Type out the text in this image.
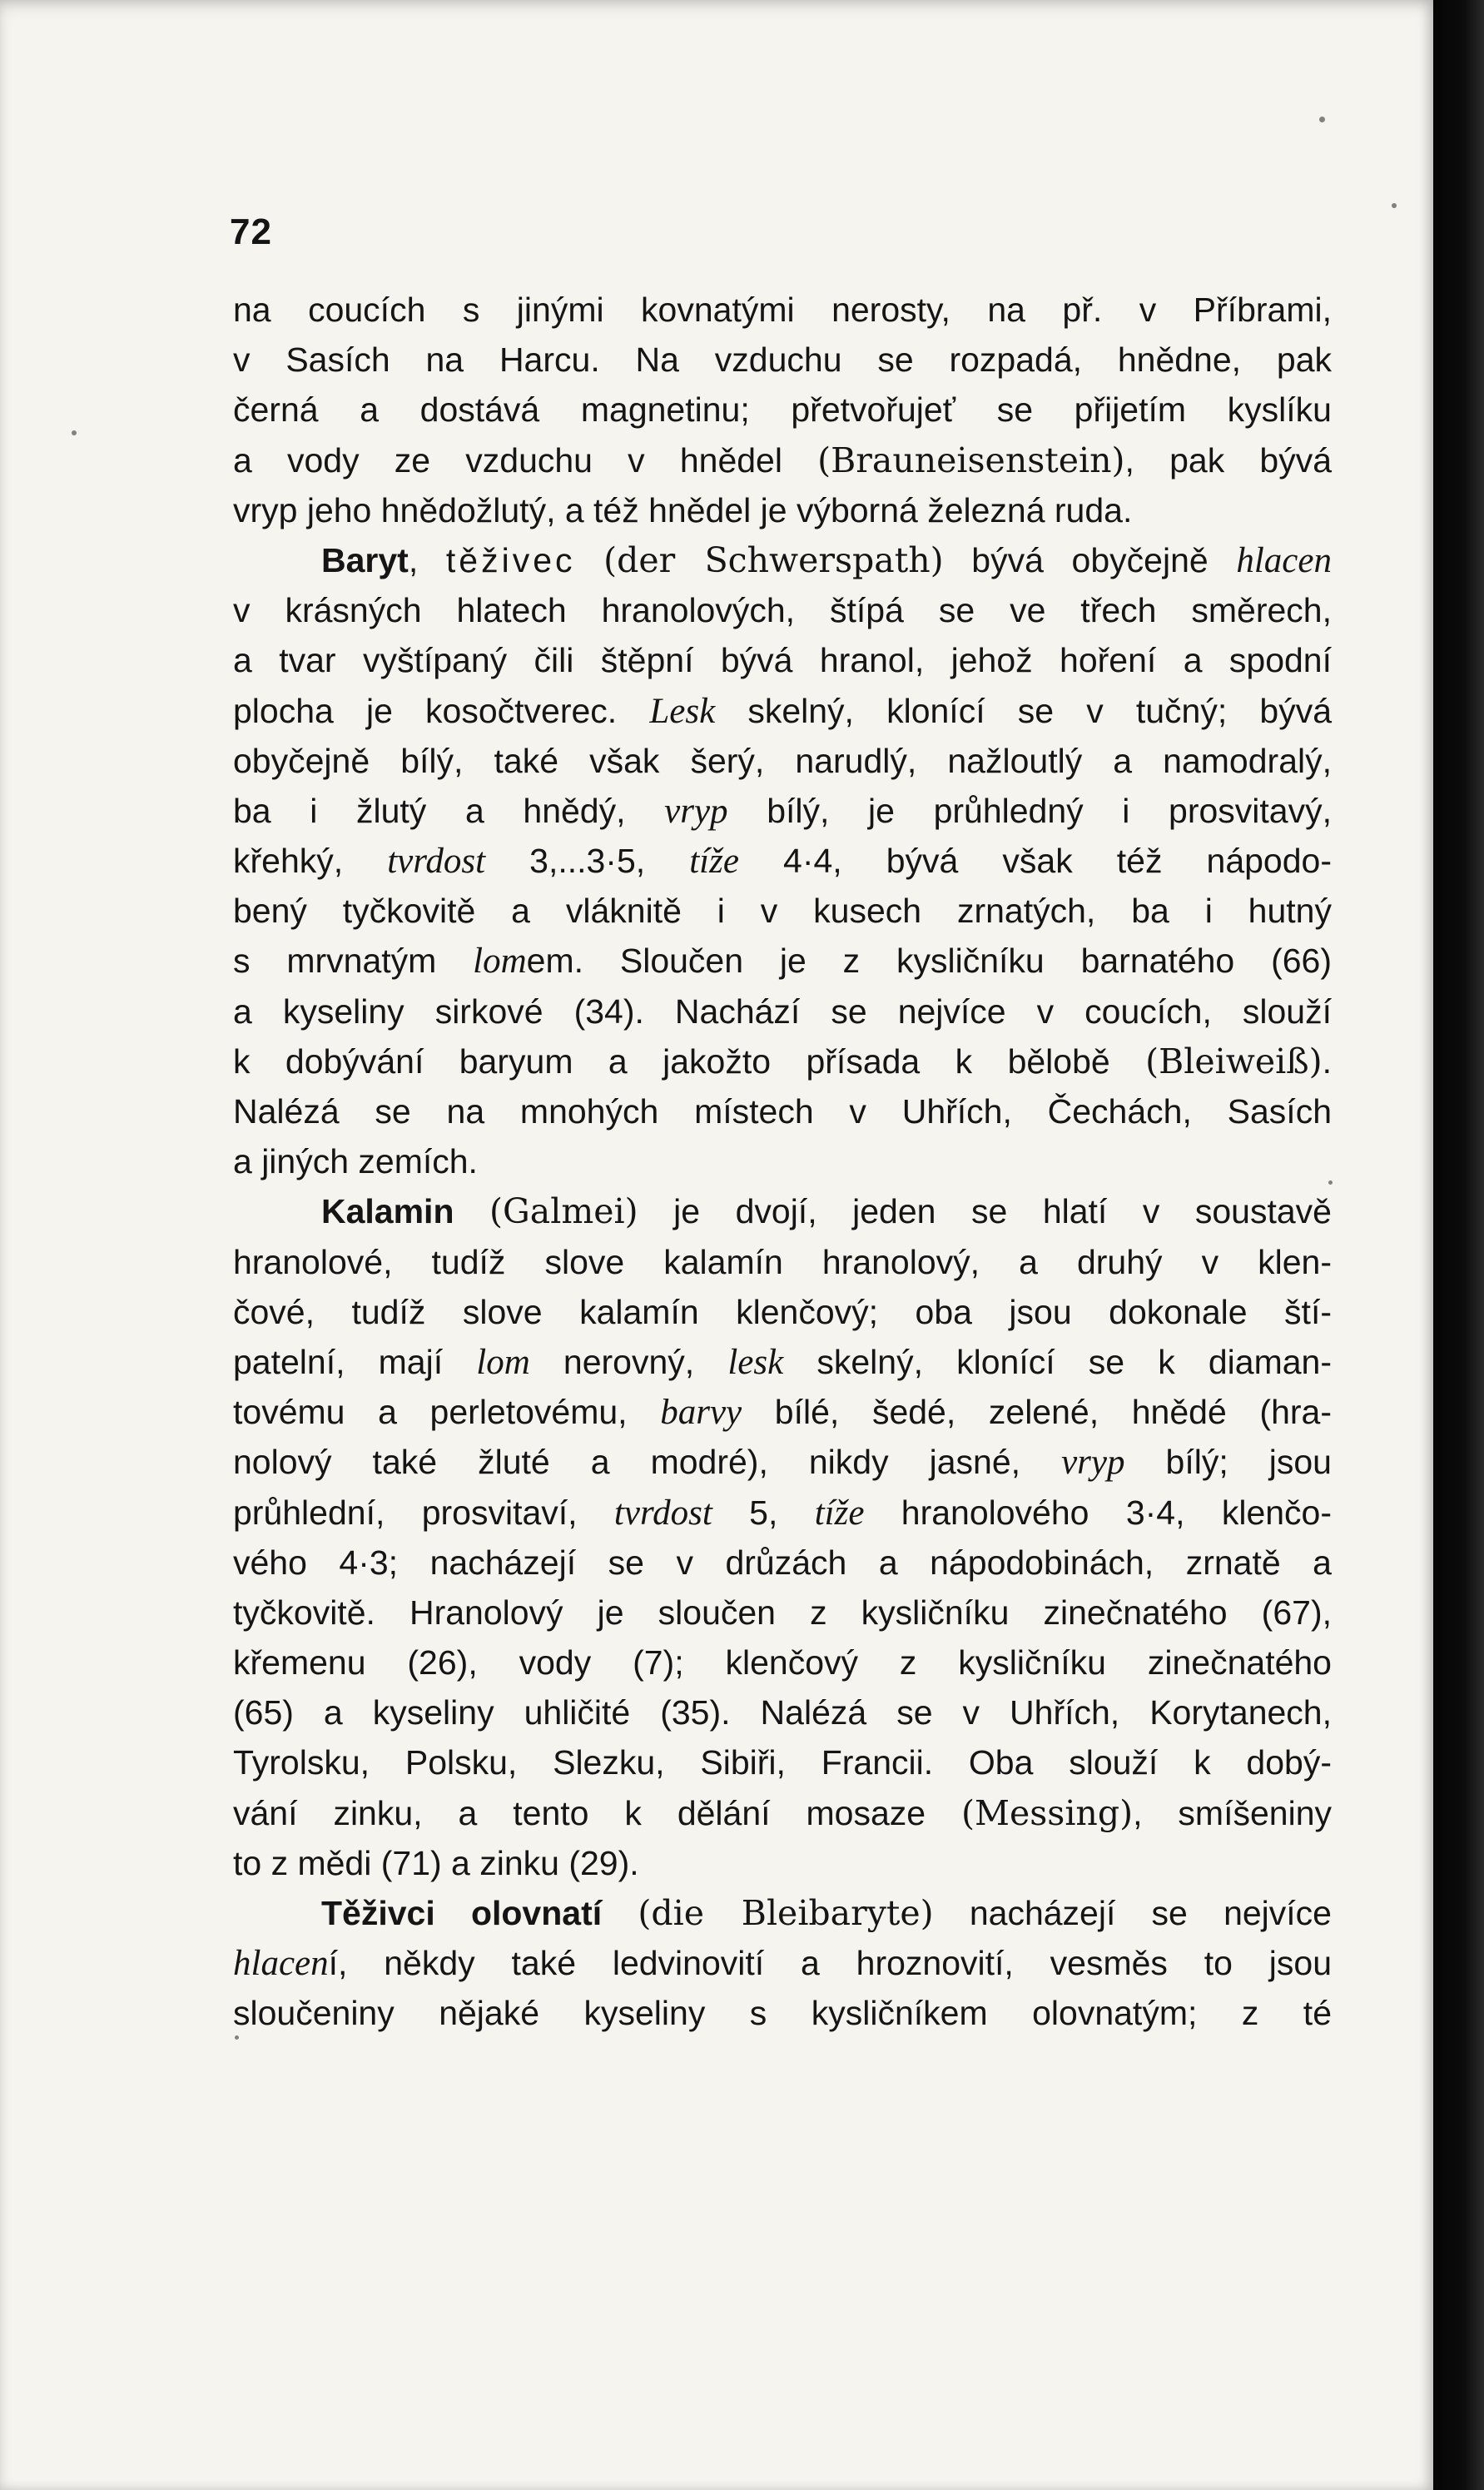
72
na coucích s jinými kovnatými nerosty, na př. v Příbrami,
v Sasích na Harcu. Na vzduchu se rozpadá, hnědne, pak
černá a dostává magnetinu; přetvořujeť se přijetím kyslíku
a vody ze vzduchu v hnědel (Brauneisenstein), pak bývá
vryp jeho hnědožlutý, a též hnědel je výborná železná ruda.
Baryt, těživec (der Schwerspath) bývá obyčejně hlacen
v krásných hlatech hranolových, štípá se ve třech směrech,
a tvar vyštípaný čili štěpní bývá hranol, jehož hoření a spodní
plocha je kosočtverec. Lesk skelný, klonící se v tučný; bývá
obyčejně bílý, také však šerý, narudlý, nažloutlý a namodralý,
ba i žlutý a hnědý, vryp bílý, je průhledný i prosvitavý,
křehký, tvrdost 3,...3·5, tíže 4·4, bývá však též nápodo-
bený tyčkovitě a vláknitě i v kusech zrnatých, ba i hutný
s mrvnatým lomem. Sloučen je z kysličníku barnatého (66)
a kyseliny sirkové (34). Nachází se nejvíce v coucích, slouží
k dobývání baryum a jakožto přísada k bělobě (Bleiweiß).
Nalézá se na mnohých místech v Uhřích, Čechách, Sasích
a jiných zemích.
Kalamin (Galmei) je dvojí, jeden se hlatí v soustavě
hranolové, tudíž slove kalamín hranolový, a druhý v klen-
čové, tudíž slove kalamín klenčový; oba jsou dokonale ští-
patelní, mají lom nerovný, lesk skelný, klonící se k diaman-
tovému a perletovému, barvy bílé, šedé, zelené, hnědé (hra-
nolový také žluté a modré), nikdy jasné, vryp bílý; jsou
průhlední, prosvitaví, tvrdost 5, tíže hranolového 3·4, klenčo-
vého 4·3; nacházejí se v drůzách a nápodobinách, zrnatě a
tyčkovitě. Hranolový je sloučen z kysličníku zinečnatého (67),
křemenu (26), vody (7); klenčový z kysličníku zinečnatého
(65) a kyseliny uhličité (35). Nalézá se v Uhřích, Korytanech,
Tyrolsku, Polsku, Slezku, Sibiři, Francii. Oba slouží k dobý-
vání zinku, a tento k dělání mosaze (Messing), smíšeniny
to z mědi (71) a zinku (29).
Těživci olovnatí (die Bleibaryte) nacházejí se nejvíce
hlacení, někdy také ledvinovití a hroznovití, vesměs to jsou
sloučeniny nějaké kyseliny s kysličníkem olovnatým; z té
